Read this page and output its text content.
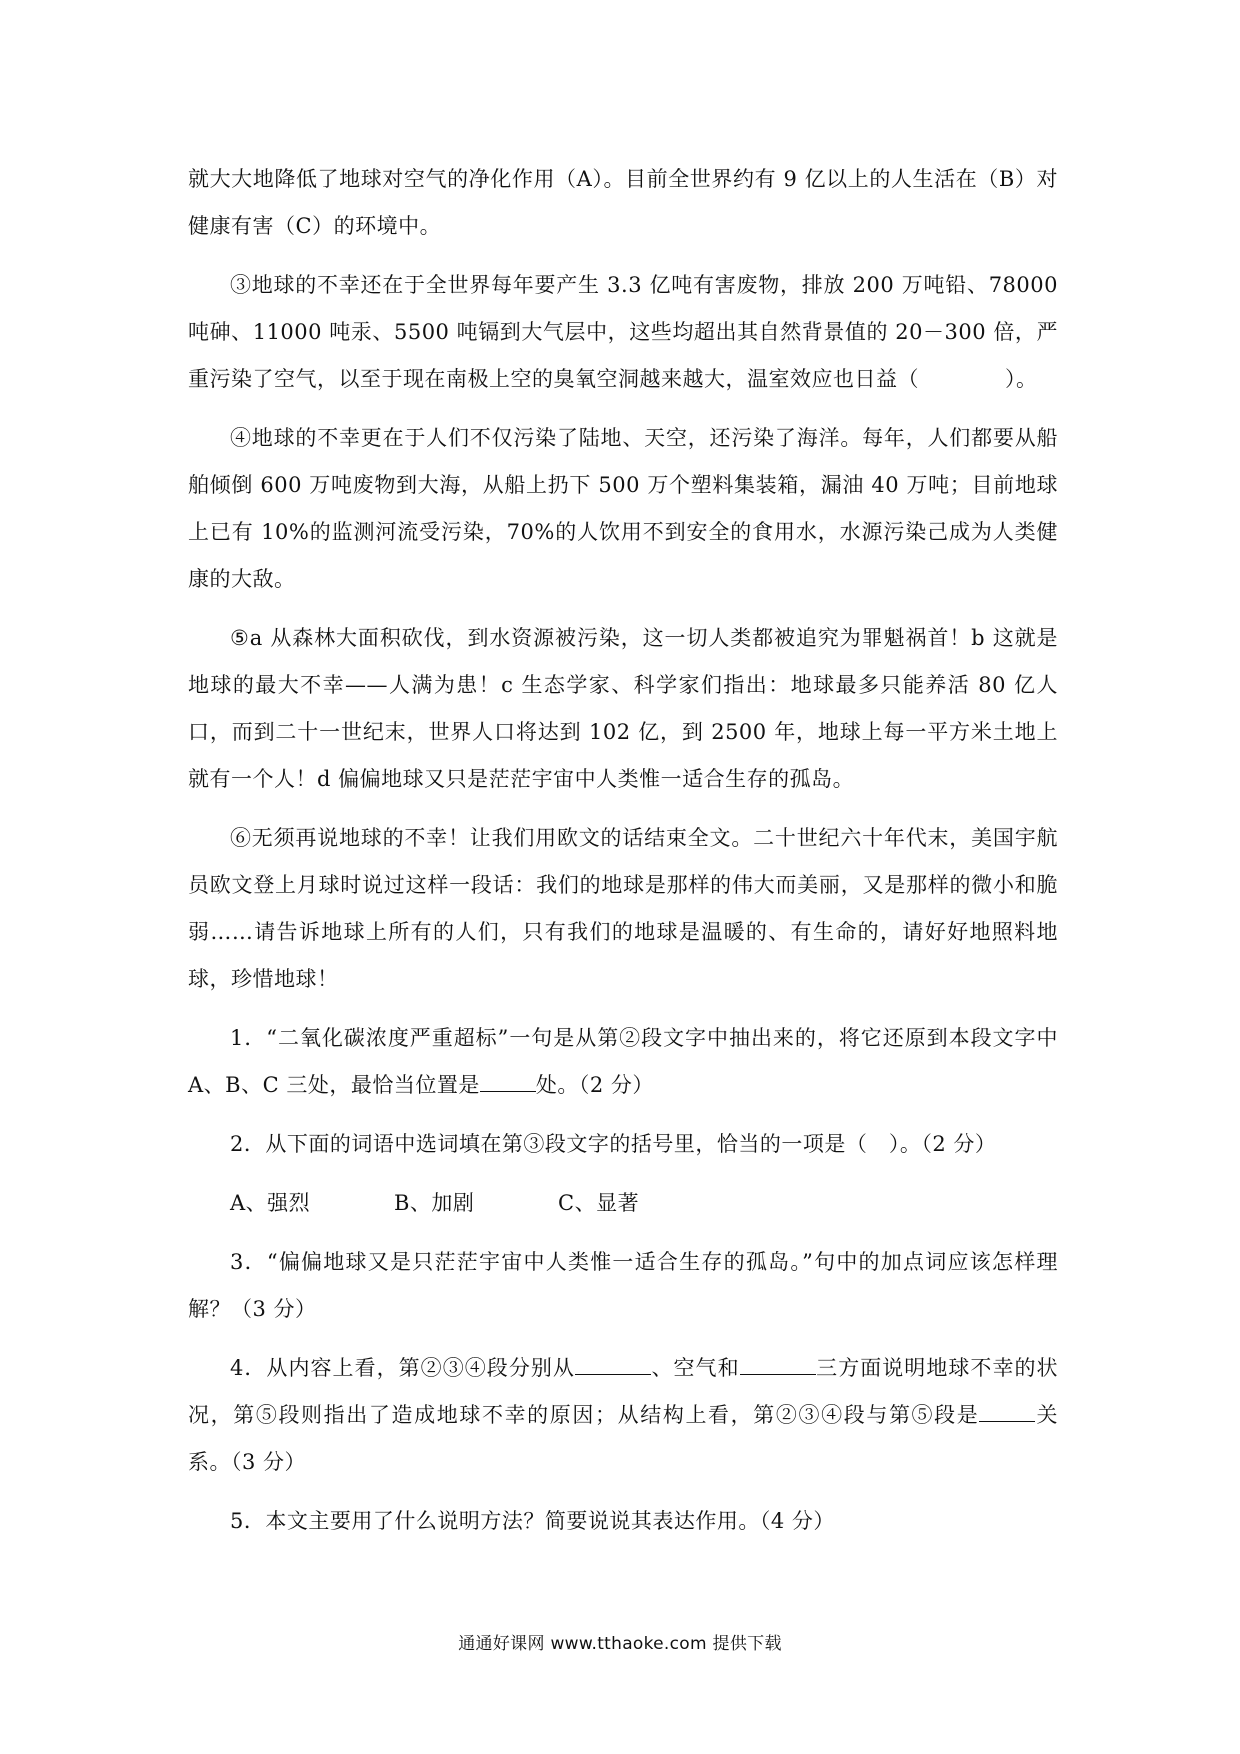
就大大地降低了地球对空气的净化作用（A）。目前全世界约有 9 亿以上的人生活在（B）对健康有害（C）的环境中。

③地球的不幸还在于全世界每年要产生 3.3 亿吨有害废物，排放 200 万吨铅、78000 吨砷、11000 吨汞、5500 吨镉到大气层中，这些均超出其自然背景值的 20－300 倍，严重污染了空气，以至于现在南极上空的臭氧空洞越来越大，温室效应也日益（	）。

④地球的不幸更在于人们不仅污染了陆地、天空，还污染了海洋。每年，人们都要从船舶倾倒 600 万吨废物到大海，从船上扔下 500 万个塑料集装箱，漏油 40 万吨；目前地球上已有 10%的监测河流受污染，70%的人饮用不到安全的食用水，水源污染己成为人类健康的大敌。

⑤a 从森林大面积砍伐，到水资源被污染，这一切人类都被追究为罪魁祸首！b 这就是地球的最大不幸——人满为患！c 生态学家、科学家们指出：地球最多只能养活 80 亿人口，而到二十一世纪末，世界人口将达到 102 亿，到 2500 年，地球上每一平方米土地上就有一个人！d 偏偏地球又只是茫茫宇宙中人类惟一适合生存的孤岛。

⑥无须再说地球的不幸！让我们用欧文的话结束全文。二十世纪六十年代末，美国宇航员欧文登上月球时说过这样一段话：我们的地球是那样的伟大而美丽，又是那样的微小和脆弱……请告诉地球上所有的人们，只有我们的地球是温暖的、有生命的，请好好地照料地球，珍惜地球！

1．“二氧化碳浓度严重超标”一句是从第②段文字中抽出来的，将它还原到本段文字中 A、B、C 三处，最恰当位置是	处。（2 分）

2．从下面的词语中选词填在第③段文字的括号里，恰当的一项是（　）。（2 分）

A、强烈	B、加剧	C、显著

3．“偏偏地球又是只茫茫宇宙中人类惟一适合生存的孤岛。”句中的加点词应该怎样理解？（3 分）

4．从内容上看，第②③④段分别从	、空气和	三方面说明地球不幸的状况，第⑤段则指出了造成地球不幸的原因；从结构上看，第②③④段与第⑤段是	关系。（3 分）

5．本文主要用了什么说明方法？简要说说其表达作用。（4 分）

通通好课网 www.tthaoke.com 提供下载
